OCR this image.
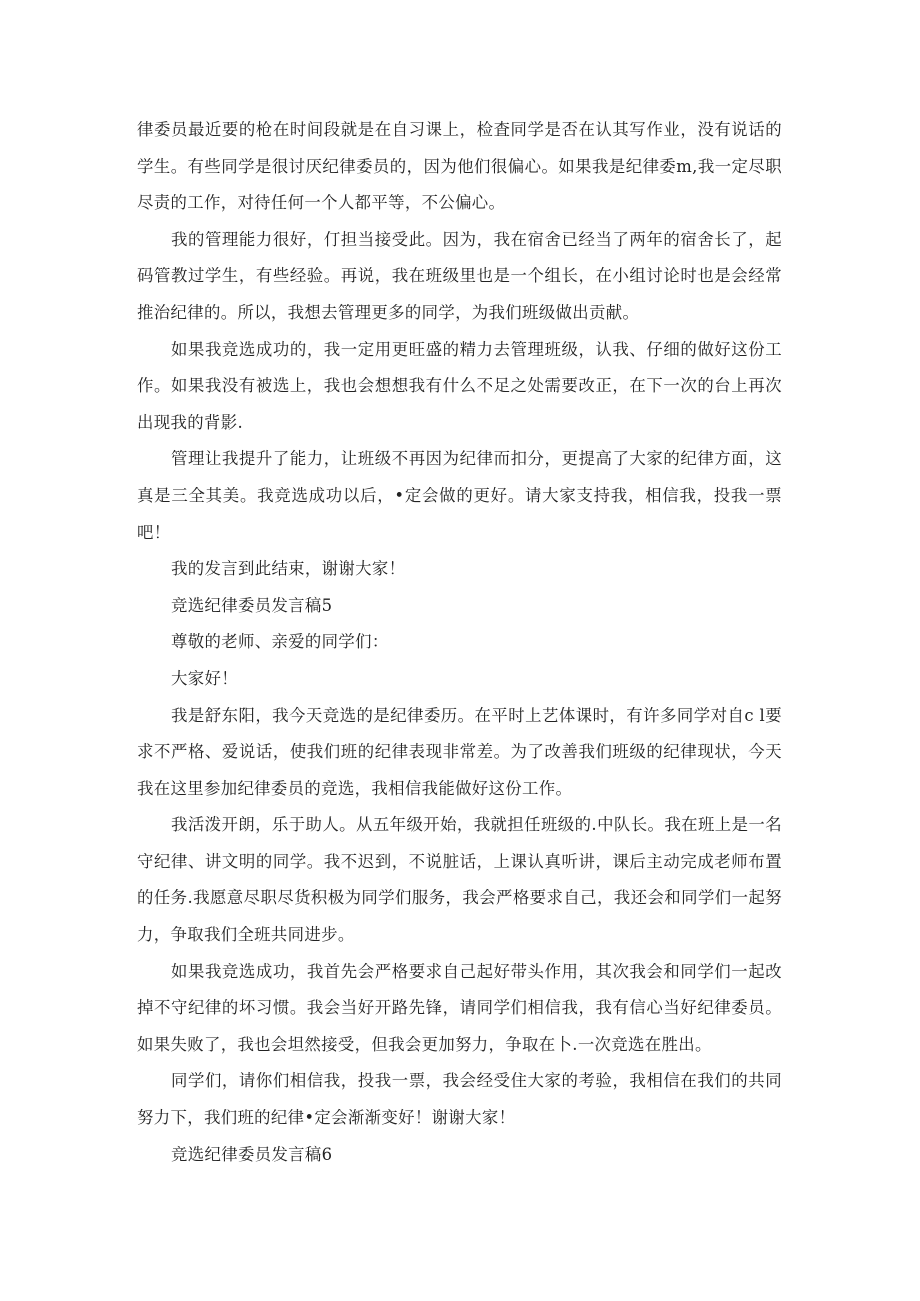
律委员最近要的枪在时间段就是在自习课上，检査同学是否在认其写作业，没有说话的学生。有些同学是很讨厌纪律委员的，因为他们很偏心。如果我是纪律委m,我一定尽职尽责的工作，对待任何一个人都平等，不公偏心。

我的管理能力很好，仃担当接受此。因为，我在宿舍已经当了两年的宿舍长了，起码管教过学生，有些经验。再说，我在班级里也是一个组长，在小组讨论时也是会经常推治纪律的。所以，我想去管理更多的同学，为我们班级做出贡献。

如果我竞选成功的，我一定用更旺盛的精力去管理班级，认我、仔细的做好这份工作。如果我没有被选上，我也会想想我有什么不足之处需要改正，在下一次的台上再次出现我的背影.

管理让我提升了能力，让班级不再因为纪律而扣分，更提高了大家的纪律方面，这真是三全其美。我竞选成功以后，•定会做的更好。请大家支持我，相信我，投我一票吧！

我的发言到此结束，谢谢大家！

竞选纪律委员发言稿5

尊敬的老师、亲爱的同学们：

大家好！

我是舒东阳，我今天竞选的是纪律委历。在平时上艺体课时，有许多同学对自c l要求不严格、爱说话，使我们班的纪律表现非常差。为了改善我们班级的纪律现状，今天我在这里参加纪律委员的竞选，我相信我能做好这份工作。

我活泼开朗，乐于助人。从五年级开始，我就担任班级的.中队长。我在班上是一名守纪律、讲文明的同学。我不迟到，不说脏话，上课认真听讲，课后主动完成老师布置的任务.我愿意尽职尽货积极为同学们服务，我会严格要求自己，我还会和同学们一起努力，争取我们全班共同进步。

如果我竞选成功，我首先会严格要求自己起好带头作用，其次我会和同学们一起改掉不守纪律的坏习惯。我会当好开路先锋，请同学们相信我，我有信心当好纪律委员。如果失败了，我也会坦然接受，但我会更加努力，争取在卜.一次竞选在胜出。

同学们，请你们相信我，投我一票，我会经受住大家的考验，我相信在我们的共同努力下，我们班的纪律•定会渐渐变好！谢谢大家！

竞选纪律委员发言稿6
